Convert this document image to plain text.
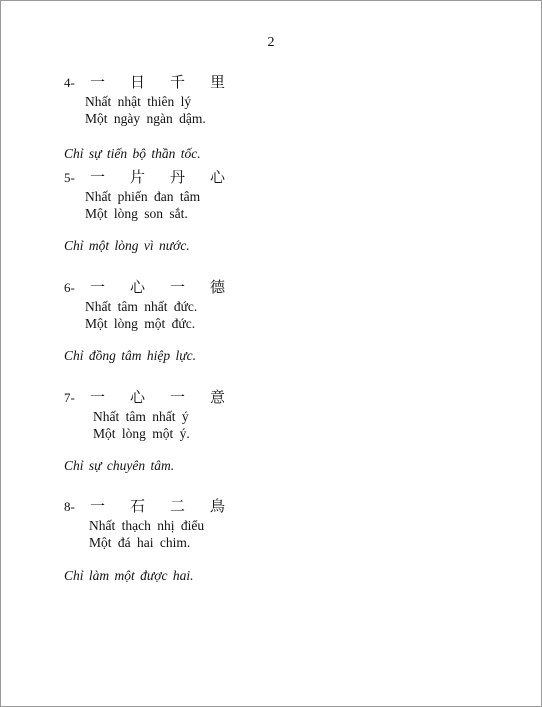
2
4-	一	日	千	里
Nhất nhật thiên lý
Một ngày ngàn dậm.
Chỉ sự tiến bộ thần tốc.
5-	一	片	丹	心
Nhất phiến đan tâm
Một lòng son sắt.
Chỉ một lòng vì nước.
6-	一	心	一	德
Nhất tâm nhất đức.
Một lòng một đức.
Chỉ đồng tâm hiệp lực.
7-	一	心	一	意
Nhất tâm nhất ý
Một lòng một ý.
Chỉ sự chuyên tâm.
8-	一	石	二	鳥
Nhất thạch nhị điểu
Một đá hai chim.
Chỉ làm một được hai.
